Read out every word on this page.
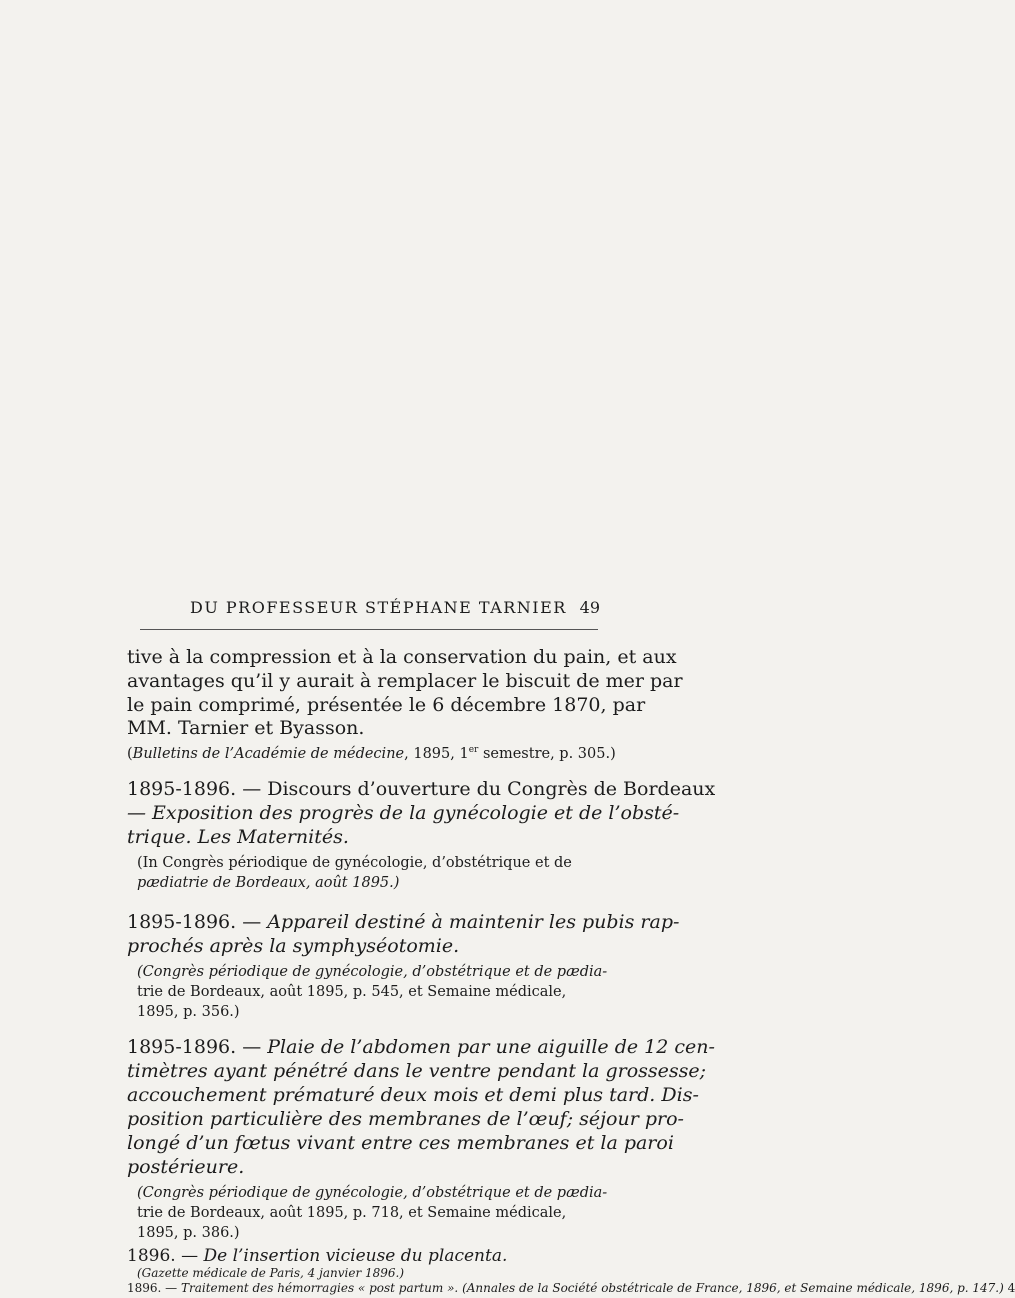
DU PROFESSEUR STÉPHANE TARNIER 49
tive à la compression et à la conservation du pain, et aux
avantages qu’il y aurait à remplacer le biscuit de mer par
le pain comprimé, présentée le 6 décembre 1870, par
MM. Tarnier et Byasson.
(Bulletins de l’Académie de médecine, 1895, 1er semestre, p. 305.)
1895-1896. — Discours d’ouverture du Congrès de Bordeaux
— Exposition des progrès de la gynécologie et de l’obsté-
trique. Les Maternités.
(In Congrès périodique de gynécologie, d’obstétrique et de
pædiatrie de Bordeaux, août 1895.)
1895-1896. — Appareil destiné à maintenir les pubis rap-
prochés après la symphyséotomie.
(Congrès périodique de gynécologie, d’obstétrique et de pædia-
trie de Bordeaux, août 1895, p. 545, et Semaine médicale,
1895, p. 356.)
1895-1896. — Plaie de l’abdomen par une aiguille de 12 cen-
timètres ayant pénétré dans le ventre pendant la grossesse;
accouchement prématuré deux mois et demi plus tard. Dis-
position particulière des membranes de l’œuf; séjour pro-
longé d’un fœtus vivant entre ces membranes et la paroi
postérieure.
(Congrès périodique de gynécologie, d’obstétrique et de pædia-
trie de Bordeaux, août 1895, p. 718, et Semaine médicale,
1895, p. 386.)
1896. — De l’insertion vicieuse du placenta.
(Gazette médicale de Paris, 4 janvier 1896.)
1896. — Traitement des hémorragies « post partum ». (Annales de la Société obstétricale de France, 1896, et Semaine médicale, 1896, p. 147.) 4
